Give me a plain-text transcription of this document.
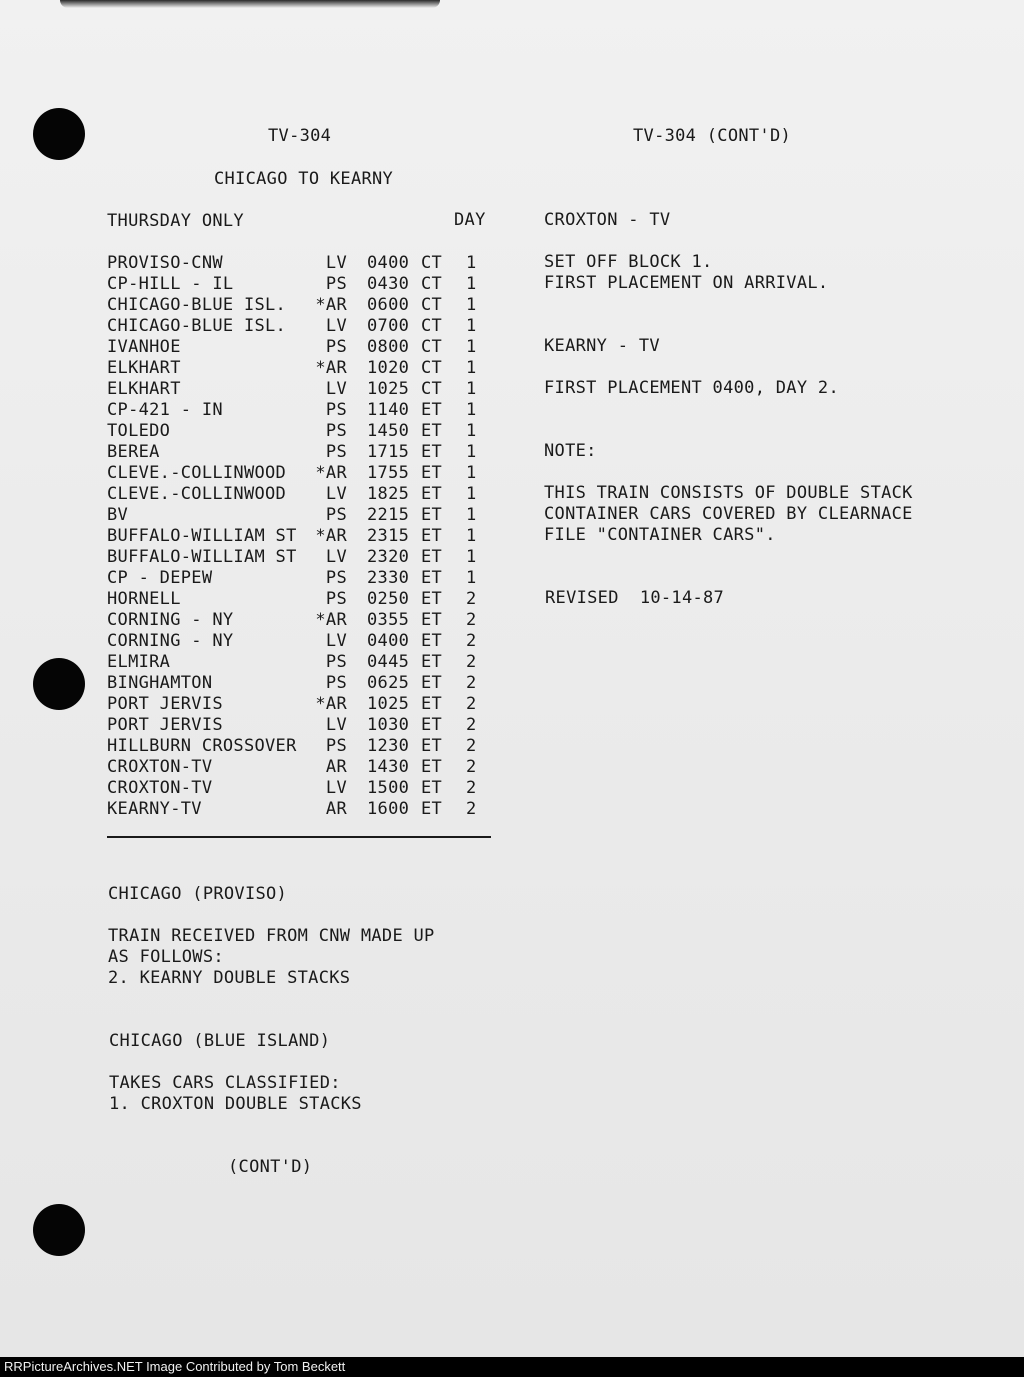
TV-304
CHICAGO TO KEARNY
THURSDAY ONLY	DAY
PROVISO-CNW	LV 0400 CT 1
CP-HILL - IL	PS 0430 CT 1
CHICAGO-BLUE ISL.	*AR 0600 CT 1
CHICAGO-BLUE ISL.	LV 0700 CT 1
IVANHOE	PS 0800 CT 1
ELKHART	*AR 1020 CT 1
ELKHART	LV 1025 CT 1
CP-421 - IN	PS 1140 ET 1
TOLEDO	PS 1450 ET 1
BEREA	PS 1715 ET 1
CLEVE.-COLLINWOOD	*AR 1755 ET 1
CLEVE.-COLLINWOOD	LV 1825 ET 1
BV	PS 2215 ET 1
BUFFALO-WILLIAM ST	*AR 2315 ET 1
BUFFALO-WILLIAM ST	LV 2320 ET 1
CP - DEPEW	PS 2330 ET 1
HORNELL	PS 0250 ET 2
CORNING - NY	*AR 0355 ET 2
CORNING - NY	LV 0400 ET 2
ELMIRA	PS 0445 ET 2
BINGHAMTON	PS 0625 ET 2
PORT JERVIS	*AR 1025 ET 2
PORT JERVIS	LV 1030 ET 2
HILLBURN CROSSOVER	PS 1230 ET 2
CROXTON-TV	AR 1430 ET 2
CROXTON-TV	LV 1500 ET 2
KEARNY-TV	AR 1600 ET 2
CHICAGO (PROVISO)
TRAIN RECEIVED FROM CNW MADE UP
AS FOLLOWS:
2. KEARNY DOUBLE STACKS
CHICAGO (BLUE ISLAND)
TAKES CARS CLASSIFIED:
1. CROXTON DOUBLE STACKS
(CONT'D)
TV-304 (CONT'D)
CROXTON - TV
SET OFF BLOCK 1.
FIRST PLACEMENT ON ARRIVAL.
KEARNY - TV
FIRST PLACEMENT 0400, DAY 2.
NOTE:
THIS TRAIN CONSISTS OF DOUBLE STACK
CONTAINER CARS COVERED BY CLEARNACE
FILE "CONTAINER CARS".
REVISED  10-14-87
RRPictureArchives.NET Image Contributed by Tom Beckett
